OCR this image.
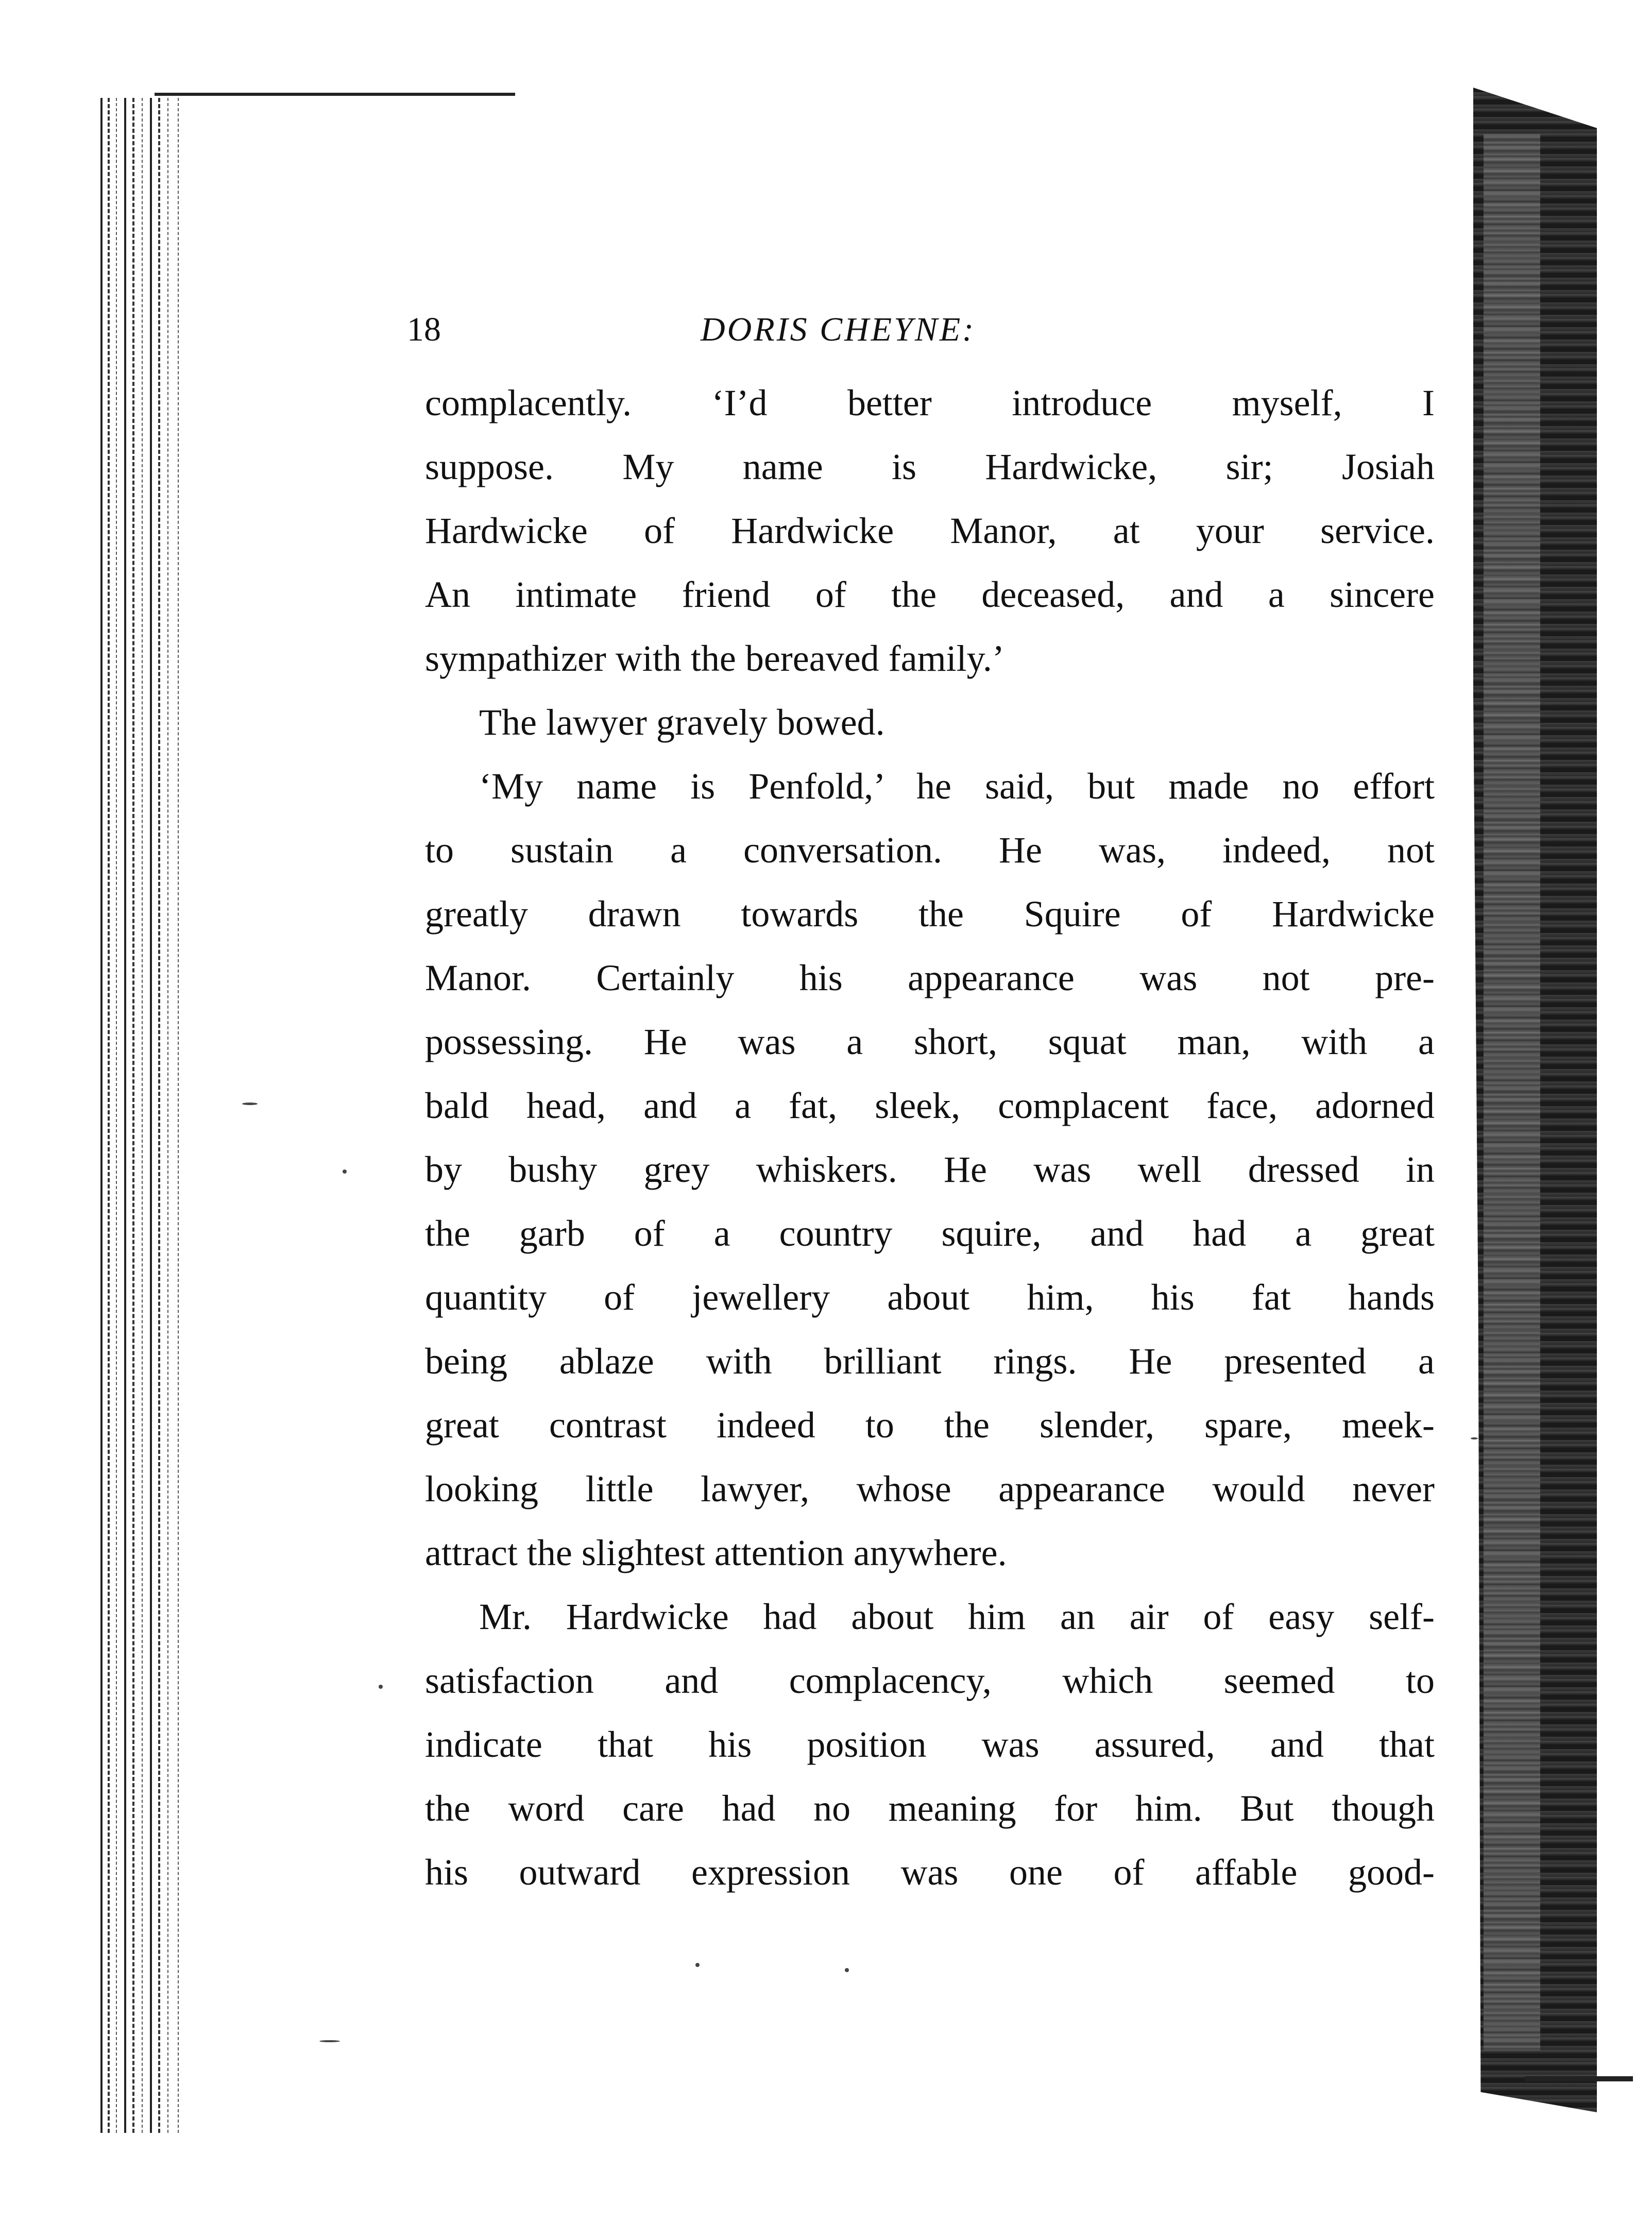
18	DORIS CHEYNE:
complacently. ‘I’d better introduce myself, I
suppose. My name is Hardwicke, sir; Josiah
Hardwicke of Hardwicke Manor, at your service.
An intimate friend of the deceased, and a sincere
sympathizer with the bereaved family.’
The lawyer gravely bowed.
‘My name is Penfold,’ he said, but made no effort
to sustain a conversation. He was, indeed, not
greatly drawn towards the Squire of Hardwicke
Manor. Certainly his appearance was not pre-
possessing. He was a short, squat man, with a
bald head, and a fat, sleek, complacent face, adorned
by bushy grey whiskers. He was well dressed in
the garb of a country squire, and had a great
quantity of jewellery about him, his fat hands
being ablaze with brilliant rings. He presented a
great contrast indeed to the slender, spare, meek-
looking little lawyer, whose appearance would never
attract the slightest attention anywhere.
Mr. Hardwicke had about him an air of easy self-
satisfaction and complacency, which seemed to
indicate that his position was assured, and that
the word care had no meaning for him. But though
his outward expression was one of affable good-
